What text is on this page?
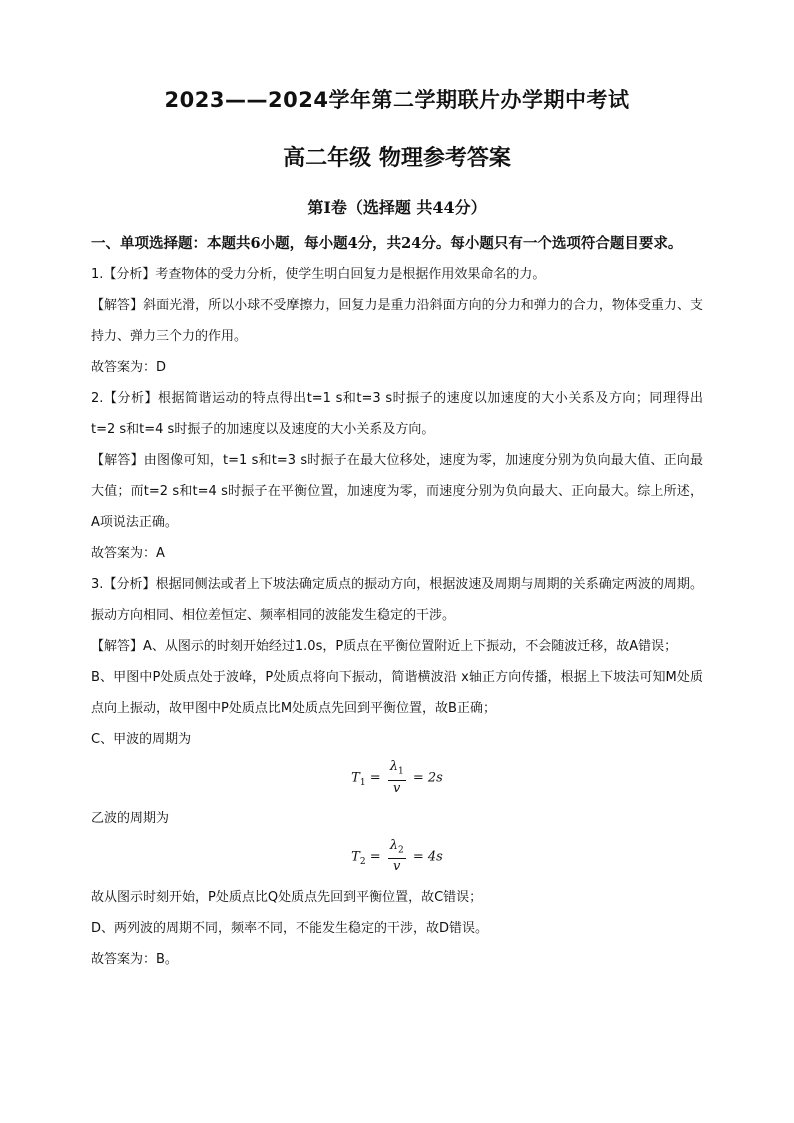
2023——2024学年第二学期联片办学期中考试
高二年级 物理参考答案
第Ⅰ卷（选择题 共44分）

一、单项选择题：本题共6小题，每小题4分，共24分。每小题只有一个选项符合题目要求。

1.【分析】考查物体的受力分析，使学生明白回复力是根据作用效果命名的力。

【解答】斜面光滑，所以小球不受摩擦力，回复力是重力沿斜面方向的分力和弹力的合力，物体受重力、支持力、弹力三个力的作用。

故答案为：D

2.【分析】根据简谐运动的特点得出t=1 s和t=3 s时振子的速度以加速度的大小关系及方向；同理得出t=2 s和t=4 s时振子的加速度以及速度的大小关系及方向。

【解答】由图像可知，t=1 s和t=3 s时振子在最大位移处，速度为零，加速度分别为负向最大值、正向最大值；而t=2 s和t=4 s时振子在平衡位置，加速度为零，而速度分别为负向最大、正向最大。综上所述，A项说法正确。

故答案为：A

3.【分析】根据同侧法或者上下坡法确定质点的振动方向，根据波速及周期与周期的关系确定两波的周期。振动方向相同、相位差恒定、频率相同的波能发生稳定的干涉。

【解答】A、从图示的时刻开始经过1.0s，P质点在平衡位置附近上下振动，不会随波迁移，故A错误；

B、甲图中P处质点处于波峰，P处质点将向下振动，简谐横波沿 x轴正方向传播，根据上下坡法可知M处质点向上振动，故甲图中P处质点比M处质点先回到平衡位置，故B正确；

C、甲波的周期为

$T_1 = \frac{\lambda_1}{v} = 2s$

乙波的周期为

$T_2 = \frac{\lambda_2}{v} = 4s$

故从图示时刻开始，P处质点比Q处质点先回到平衡位置，故C错误；

D、两列波的周期不同，频率不同，不能发生稳定的干涉，故D错误。

故答案为：B。
